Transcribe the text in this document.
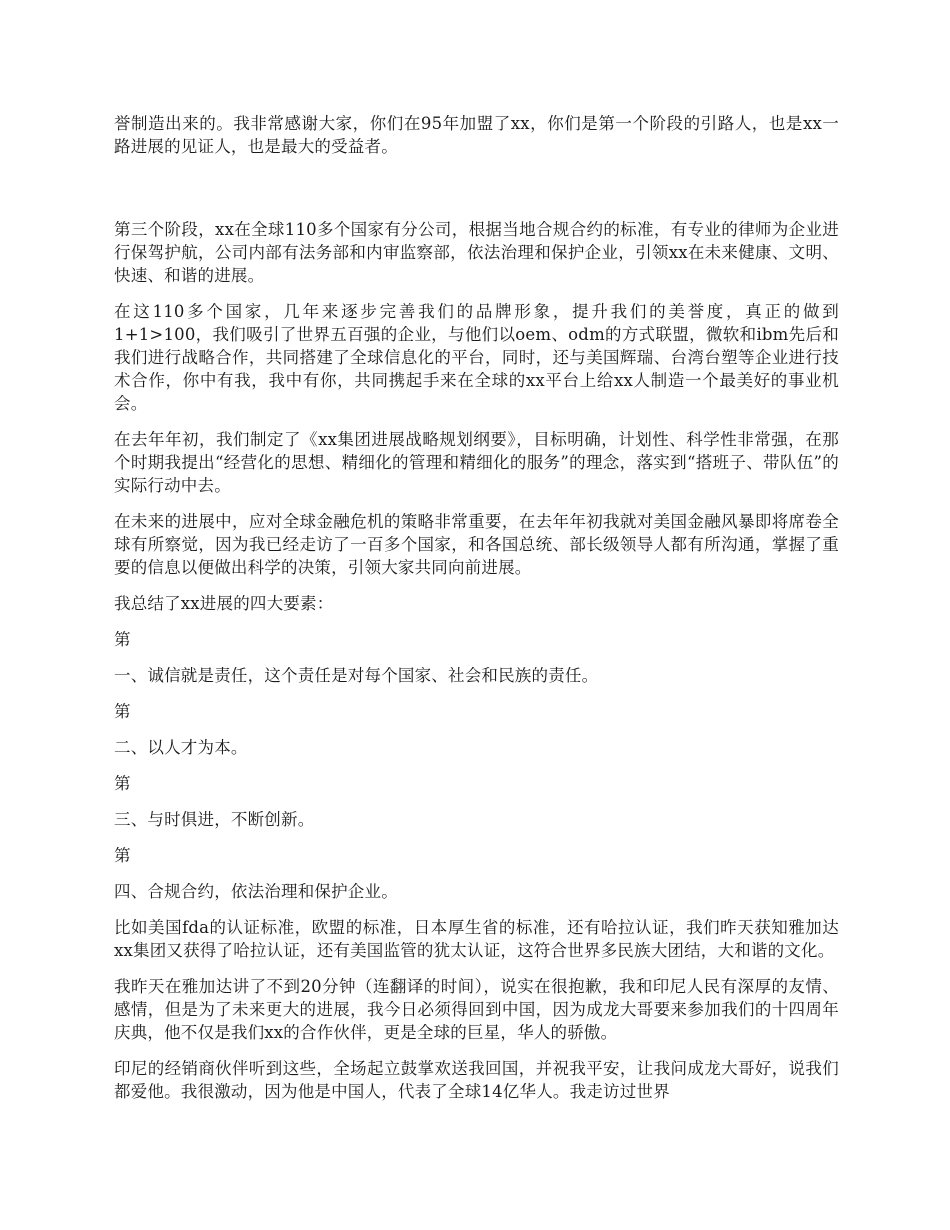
誉制造出来的。我非常感谢大家，你们在95年加盟了xx，你们是第一个阶段的引路人，也是xx一路进展的见证人，也是最大的受益者。

第三个阶段，xx在全球110多个国家有分公司，根据当地合规合约的标准，有专业的律师为企业进行保驾护航，公司内部有法务部和内审监察部，依法治理和保护企业，引领xx在未来健康、文明、快速、和谐的进展。

在这110多个国家，几年来逐步完善我们的品牌形象，提升我们的美誉度，真正的做到1+1>100，我们吸引了世界五百强的企业，与他们以oem、odm的方式联盟，微软和ibm先后和我们进行战略合作，共同搭建了全球信息化的平台，同时，还与美国辉瑞、台湾台塑等企业进行技术合作，你中有我，我中有你，共同携起手来在全球的xx平台上给xx人制造一个最美好的事业机会。

在去年年初，我们制定了《xx集团进展战略规划纲要》，目标明确，计划性、科学性非常强，在那个时期我提出“经营化的思想、精细化的管理和精细化的服务”的理念，落实到“搭班子、带队伍”的实际行动中去。

在未来的进展中，应对全球金融危机的策略非常重要，在去年年初我就对美国金融风暴即将席卷全球有所察觉，因为我已经走访了一百多个国家，和各国总统、部长级领导人都有所沟通，掌握了重要的信息以便做出科学的决策，引领大家共同向前进展。

我总结了xx进展的四大要素：

第

一、诚信就是责任，这个责任是对每个国家、社会和民族的责任。

第

二、以人才为本。

第

三、与时俱进，不断创新。

第

四、合规合约，依法治理和保护企业。

比如美国fda的认证标准，欧盟的标准，日本厚生省的标准，还有哈拉认证，我们昨天获知雅加达xx集团又获得了哈拉认证，还有美国监管的犹太认证，这符合世界多民族大团结，大和谐的文化。

我昨天在雅加达讲了不到20分钟（连翻译的时间），说实在很抱歉，我和印尼人民有深厚的友情、感情，但是为了未来更大的进展，我今日必须得回到中国，因为成龙大哥要来参加我们的十四周年庆典，他不仅是我们xx的合作伙伴，更是全球的巨星，华人的骄傲。

印尼的经销商伙伴听到这些，全场起立鼓掌欢送我回国，并祝我平安，让我问成龙大哥好，说我们都爱他。我很激动，因为他是中国人，代表了全球14亿华人。我走访过世界
